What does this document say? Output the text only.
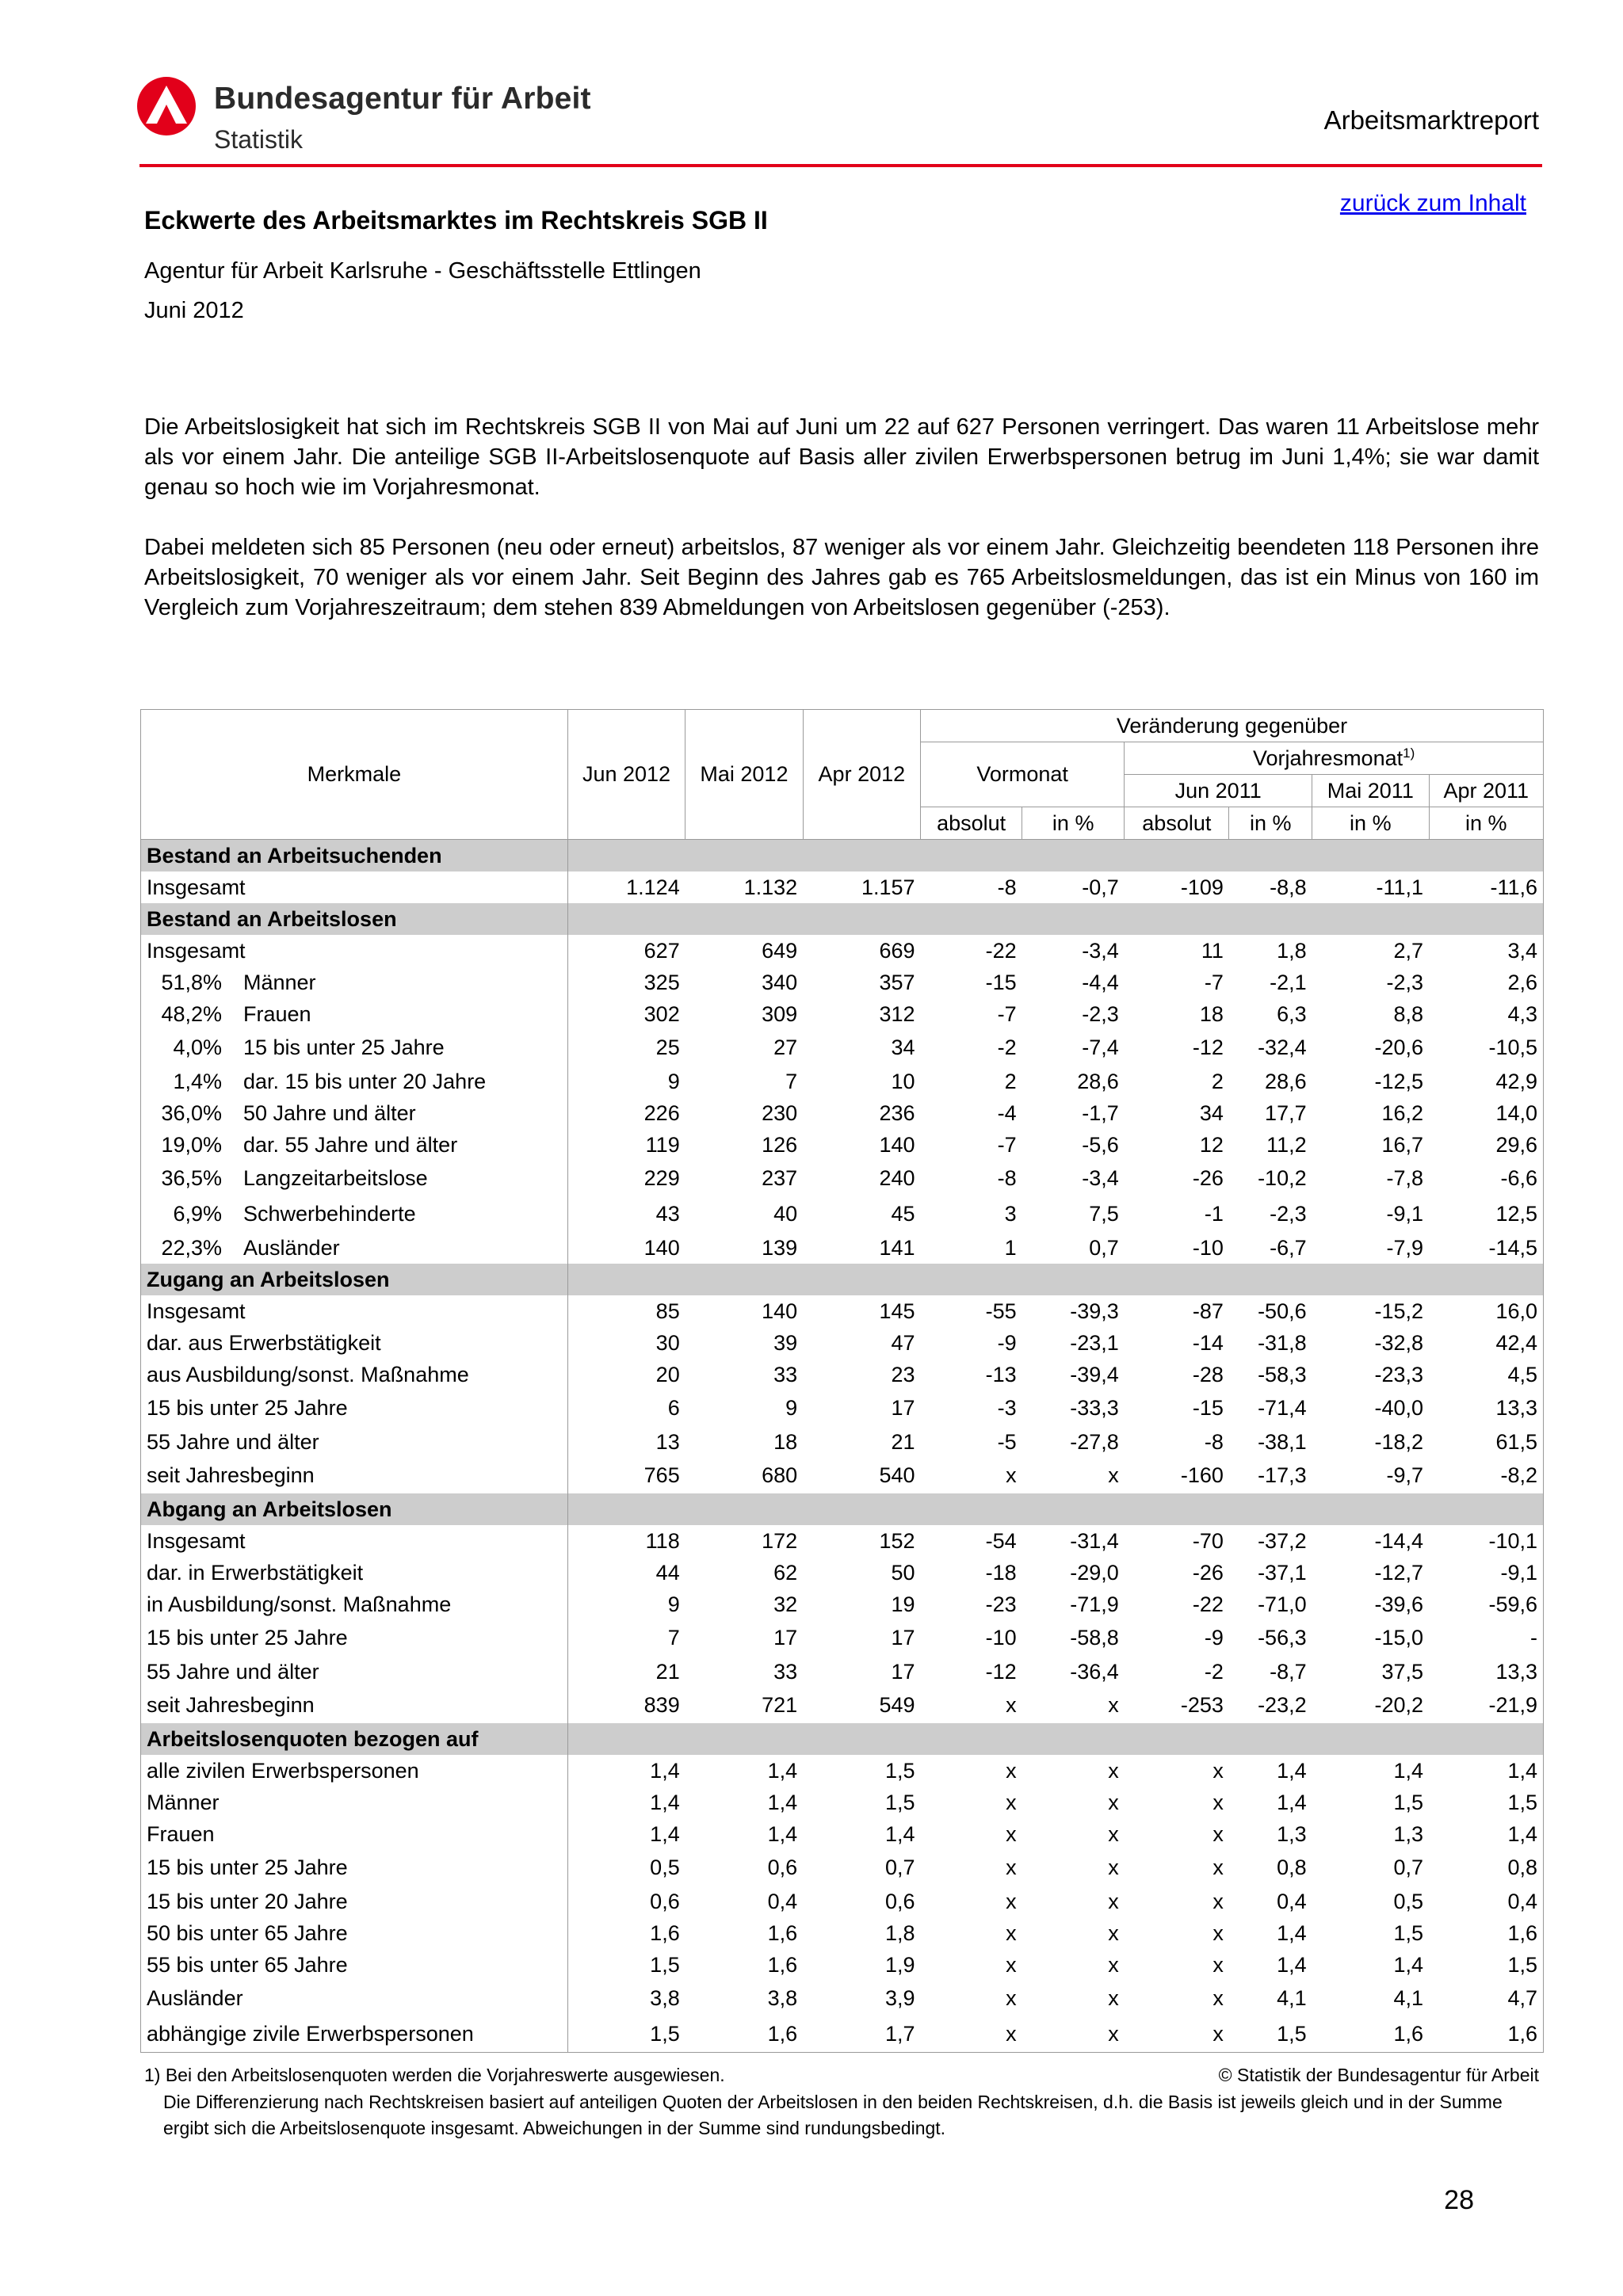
Bundesagentur für Arbeit
Statistik
Arbeitsmarktreport
zurück zum Inhalt
Eckwerte des Arbeitsmarktes im Rechtskreis SGB II
Agentur für Arbeit Karlsruhe - Geschäftsstelle Ettlingen
Juni 2012
Die Arbeitslosigkeit hat sich im Rechtskreis SGB II von Mai auf Juni um 22 auf 627 Personen verringert. Das waren 11 Arbeitslose mehr als vor einem Jahr. Die anteilige SGB II-Arbeitslosenquote auf Basis aller zivilen Erwerbspersonen betrug im Juni 1,4%; sie war damit genau so hoch wie im Vorjahresmonat.
Dabei meldeten sich 85 Personen (neu oder erneut) arbeitslos, 87 weniger als vor einem Jahr. Gleichzeitig beendeten 118 Personen ihre Arbeitslosigkeit, 70 weniger als vor einem Jahr. Seit Beginn des Jahres gab es 765 Arbeitslosmeldungen, das ist ein Minus von 160 im Vergleich zum Vorjahreszeitraum; dem stehen 839 Abmeldungen von Arbeitslosen gegenüber (-253).
Merkmale	Jun 2012	Mai 2012	Apr 2012	Veränderung gegenüber					
				Vormonat		Vorjahresmonat$^{1)}$
						Jun 2011		Mai 2011	Apr 2011
				absolut	in %	absolut	in %	in %	in %
Bestand an Arbeitsuchenden									
Insgesamt	1.124	1.132	1.157	-8	-0,7	-109	-8,8	-11,1	-11,6
Bestand an Arbeitslosen									
Insgesamt	627	649	669	-22	-3,4	11	1,8	2,7	3,4
51,8% Männer	325	340	357	-15	-4,4	-7	-2,1	-2,3	2,6
48,2% Frauen	302	309	312	-7	-2,3	18	6,3	8,8	4,3
4,0% 15 bis unter 25 Jahre	25	27	34	-2	-7,4	-12	-32,4	-20,6	-10,5
1,4% dar. 15 bis unter 20 Jahre	9	7	10	2	28,6	2	28,6	-12,5	42,9
36,0% 50 Jahre und älter	226	230	236	-4	-1,7	34	17,7	16,2	14,0
19,0% dar. 55 Jahre und älter	119	126	140	-7	-5,6	12	11,2	16,7	29,6
36,5% Langzeitarbeitslose	229	237	240	-8	-3,4	-26	-10,2	-7,8	-6,6
6,9% Schwerbehinderte	43	40	45	3	7,5	-1	-2,3	-9,1	12,5
22,3% Ausländer	140	139	141	1	0,7	-10	-6,7	-7,9	-14,5
Zugang an Arbeitslosen									
Insgesamt	85	140	145	-55	-39,3	-87	-50,6	-15,2	16,0
dar. aus Erwerbstätigkeit	30	39	47	-9	-23,1	-14	-31,8	-32,8	42,4
aus Ausbildung/sonst. Maßnahme	20	33	23	-13	-39,4	-28	-58,3	-23,3	4,5
15 bis unter 25 Jahre	6	9	17	-3	-33,3	-15	-71,4	-40,0	13,3
55 Jahre und älter	13	18	21	-5	-27,8	-8	-38,1	-18,2	61,5
seit Jahresbeginn	765	680	540	x	x	-160	-17,3	-9,7	-8,2
Abgang an Arbeitslosen									
Insgesamt	118	172	152	-54	-31,4	-70	-37,2	-14,4	-10,1
dar. in Erwerbstätigkeit	44	62	50	-18	-29,0	-26	-37,1	-12,7	-9,1
in Ausbildung/sonst. Maßnahme	9	32	19	-23	-71,9	-22	-71,0	-39,6	-59,6
15 bis unter 25 Jahre	7	17	17	-10	-58,8	-9	-56,3	-15,0	-
55 Jahre und älter	21	33	17	-12	-36,4	-2	-8,7	37,5	13,3
seit Jahresbeginn	839	721	549	x	x	-253	-23,2	-20,2	-21,9
Arbeitslosenquoten bezogen auf									
alle zivilen Erwerbspersonen	1,4	1,4	1,5	x	x	x	1,4	1,4	1,4
Männer	1,4	1,4	1,5	x	x	x	1,4	1,5	1,5
Frauen	1,4	1,4	1,4	x	x	x	1,3	1,3	1,4
15 bis unter 25 Jahre	0,5	0,6	0,7	x	x	x	0,8	0,7	0,8
15 bis unter 20 Jahre	0,6	0,4	0,6	x	x	x	0,4	0,5	0,4
50 bis unter 65 Jahre	1,6	1,6	1,8	x	x	x	1,4	1,5	1,6
55 bis unter 65 Jahre	1,5	1,6	1,9	x	x	x	1,4	1,4	1,5
Ausländer	3,8	3,8	3,9	x	x	x	4,1	4,1	4,7
abhängige zivile Erwerbspersonen	1,5	1,6	1,7	x	x	x	1,5	1,6	1,6
1) Bei den Arbeitslosenquoten werden die Vorjahreswerte ausgewiesen.	© Statistik der Bundesagentur für Arbeit
Die Differenzierung nach Rechtskreisen basiert auf anteiligen Quoten der Arbeitslosen in den beiden Rechtskreisen, d.h. die Basis ist jeweils gleich und in der Summe ergibt sich die Arbeitslosenquote insgesamt. Abweichungen in der Summe sind rundungsbedingt.
28
